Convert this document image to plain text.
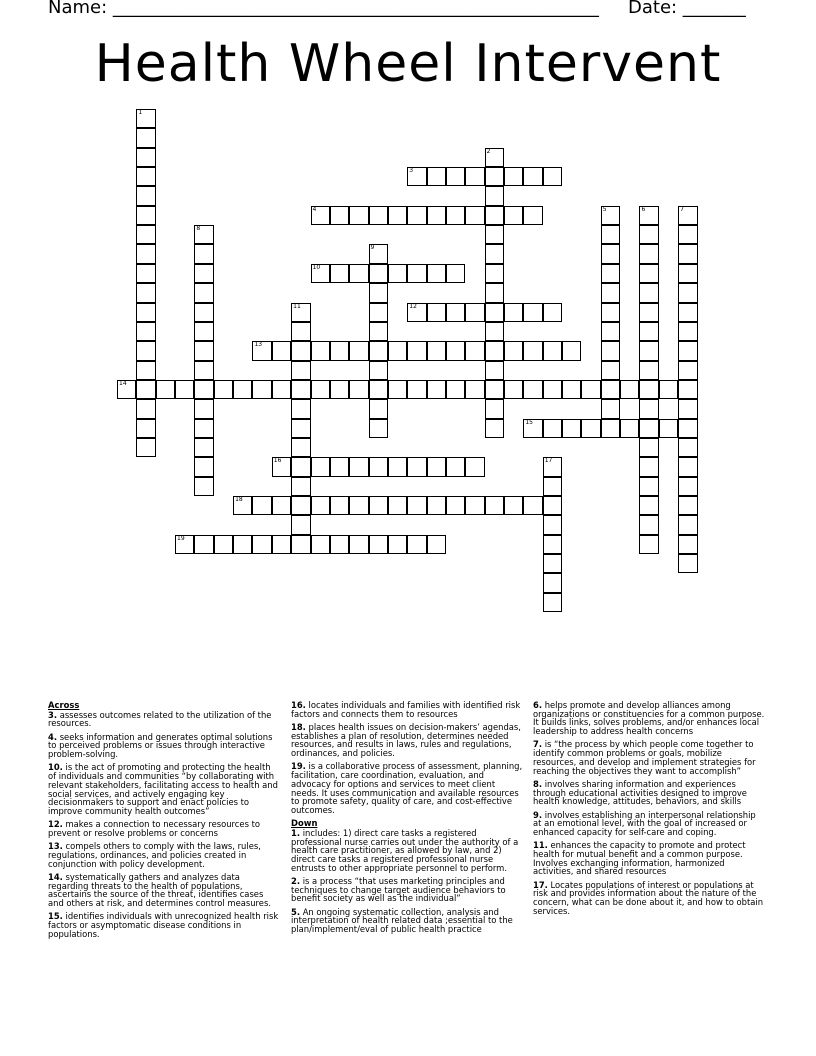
Name: ______________________________________________________ Date: _______
Health Wheel Intervent
1
2
3
4	5	6	7
8
9
10
11	12
13
14
15
16	17
18
19
Across
3. assesses outcomes related to the utilization of the resources.
4. seeks information and generates optimal solutions to perceived problems or issues through interactive problem-solving.
10. is the act of promoting and protecting the health of individuals and communities “by collaborating with relevant stakeholders, facilitating access to health and social services, and actively engaging key decisionmakers to support and enact policies to improve community health outcomes”
12. makes a connection to necessary resources to prevent or resolve problems or concerns
13. compels others to comply with the laws, rules, regulations, ordinances, and policies created in conjunction with policy development.
14. systematically gathers and analyzes data regarding threats to the health of populations, ascertains the source of the threat, identifies cases and others at risk, and determines control measures.
15. identifies individuals with unrecognized health risk factors or asymptomatic disease conditions in populations.
16. locates individuals and families with identified risk factors and connects them to resources
18. places health issues on decision-makers’ agendas, establishes a plan of resolution, determines needed resources, and results in laws, rules and regulations, ordinances, and policies.
19. is a collaborative process of assessment, planning, facilitation, care coordination, evaluation, and advocacy for options and services to meet client needs. It uses communication and available resources to promote safety, quality of care, and cost-effective outcomes.
Down
1. includes: 1) direct care tasks a registered professional nurse carries out under the authority of a health care practitioner, as allowed by law, and 2) direct care tasks a registered professional nurse entrusts to other appropriate personnel to perform.
2. is a process “that uses marketing principles and techniques to change target audience behaviors to benefit society as well as the individual”
5. An ongoing systematic collection, analysis and interpretation of health related data ;essential to the plan/implement/eval of public health practice
6. helps promote and develop alliances among organizations or constituencies for a common purpose. It builds links, solves problems, and/or enhances local leadership to address health concerns
7. is “the process by which people come together to identify common problems or goals, mobilize resources, and develop and implement strategies for reaching the objectives they want to accomplish”
8. involves sharing information and experiences through educational activities designed to improve health knowledge, attitudes, behaviors, and skills
9. involves establishing an interpersonal relationship at an emotional level, with the goal of increased or enhanced capacity for self-care and coping.
11. enhances the capacity to promote and protect health for mutual benefit and a common purpose. Involves exchanging information, harmonized activities, and shared resources
17. Locates populations of interest or populations at risk and provides information about the nature of the concern, what can be done about it, and how to obtain services.
